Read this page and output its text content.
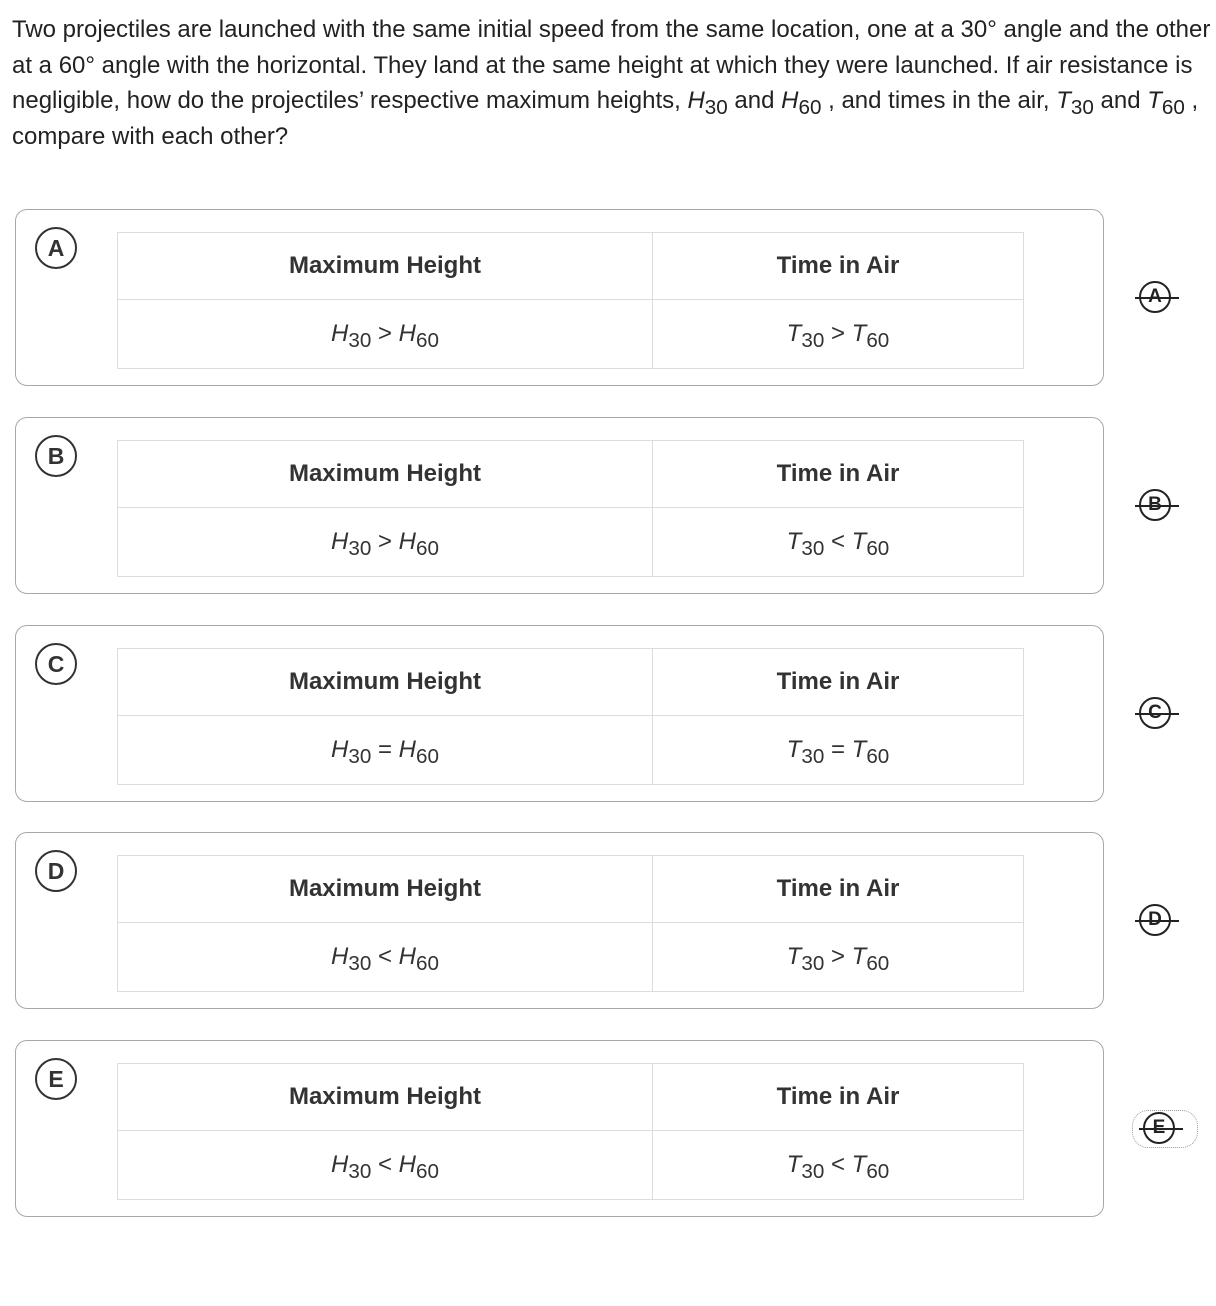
Two projectiles are launched with the same initial speed from the same location, one at a 30° angle and the other at a 60° angle with the horizontal. They land at the same height at which they were launched. If air resistance is negligible, how do the projectiles’ respective maximum heights, H30 and H60 , and times in the air, T30 and T60 , compare with each other?
A
Maximum Height	Time in Air
H30 > H60	T30 > T60
B
Maximum Height	Time in Air
H30 > H60	T30 < T60
C
Maximum Height	Time in Air
H30 = H60	T30 = T60
D
Maximum Height	Time in Air
H30 < H60	T30 > T60
E
Maximum Height	Time in Air
H30 < H60	T30 < T60
